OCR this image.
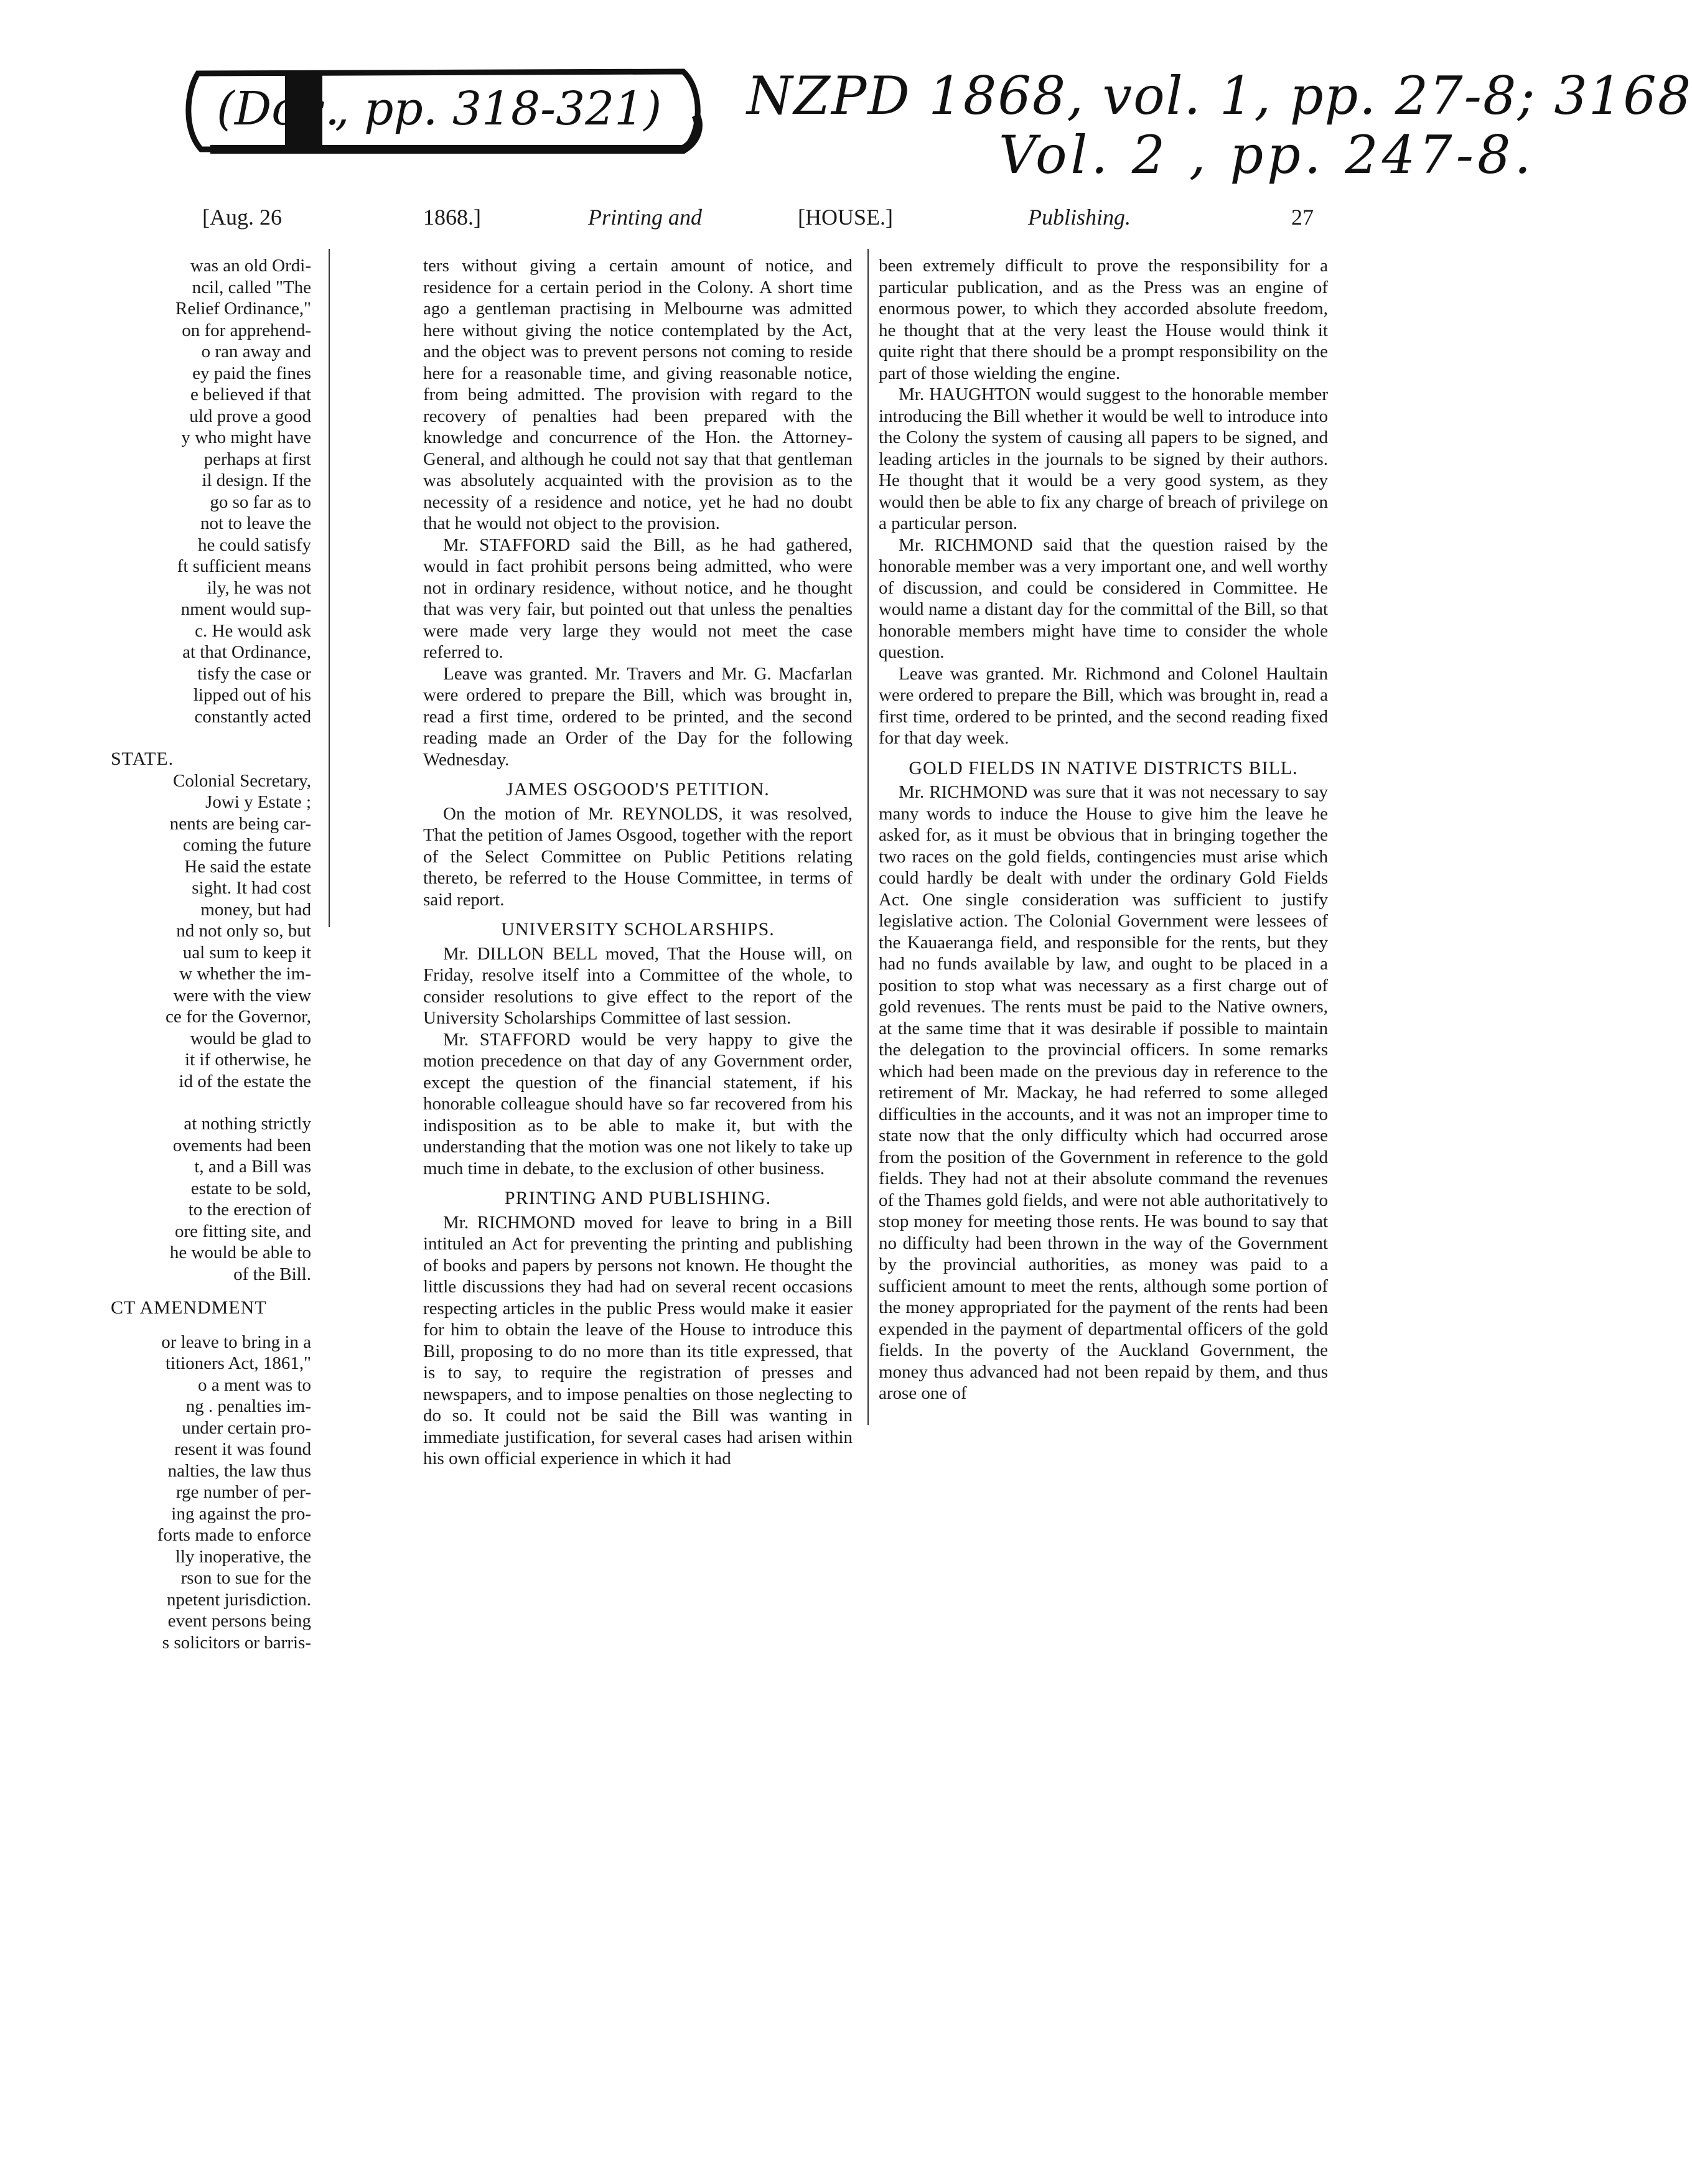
(Doc.
, pp. 318-321) NZPD 1868, vol. 1, pp. 27-8; 3168
Vol. 2 , pp. 247-8.
[Aug. 26	1868.]	Printing and	[HOUSE.]	Publishing.	27
was an old Ordi-
ncil, called "The
Relief Ordinance,"
on for apprehend-
o ran away and
ey paid the fines
e believed if that
uld prove a good
y who might have
perhaps at first
il design. If the
go so far as to
not to leave the
he could satisfy
ft sufficient means
ily, he was not
nment would sup-
c. He would ask
at that Ordinance,
tisfy the case or
lipped out of his
constantly acted
STATE.
Colonial Secretary,
Jowi y Estate ;
nents are being car-
coming the future
He said the estate
sight. It had cost
money, but had
nd not only so, but
ual sum to keep it
w whether the im-
were with the view
ce for the Governor,
would be glad to
it if otherwise, he
id of the estate the
at nothing strictly
ovements had been
t, and a Bill was
estate to be sold,
to the erection of
ore fitting site, and
he would be able to
of the Bill.
CT AMENDMENT
or leave to bring in a
titioners Act, 1861,"
o a ment was to
ng . penalties im-
under certain pro-
resent it was found
nalties, the law thus
rge number of per-
ing against the pro-
forts made to enforce
lly inoperative, the
rson to sue for the
npetent jurisdiction.
event persons being
s solicitors or barris-

ters without giving a certain amount of notice, and residence for a certain period in the Colony. A short time ago a gentleman practising in Melbourne was admitted here without giving the notice contemplated by the Act, and the object was to prevent persons not coming to reside here for a reasonable time, and giving reasonable notice, from being admitted. The provision with regard to the recovery of penalties had been prepared with the knowledge and concurrence of the Hon. the Attorney-General, and although he could not say that that gentleman was absolutely acquainted with the provision as to the necessity of a residence and notice, yet he had no doubt that he would not object to the provision.

Mr. STAFFORD said the Bill, as he had gathered, would in fact prohibit persons being admitted, who were not in ordinary residence, without notice, and he thought that was very fair, but pointed out that unless the penalties were made very large they would not meet the case referred to.

Leave was granted. Mr. Travers and Mr. G. Macfarlan were ordered to prepare the Bill, which was brought in, read a first time, ordered to be printed, and the second reading made an Order of the Day for the following Wednesday.

JAMES OSGOOD'S PETITION.

On the motion of Mr. REYNOLDS, it was resolved, That the petition of James Osgood, together with the report of the Select Committee on Public Petitions relating thereto, be referred to the House Committee, in terms of said report.

UNIVERSITY SCHOLARSHIPS.

Mr. DILLON BELL moved, That the House will, on Friday, resolve itself into a Committee of the whole, to consider resolutions to give effect to the report of the University Scholarships Committee of last session.

Mr. STAFFORD would be very happy to give the motion precedence on that day of any Government order, except the question of the financial statement, if his honorable colleague should have so far recovered from his indisposition as to be able to make it, but with the understanding that the motion was one not likely to take up much time in debate, to the exclusion of other business.

PRINTING AND PUBLISHING.

Mr. RICHMOND moved for leave to bring in a Bill intituled an Act for preventing the printing and publishing of books and papers by persons not known. He thought the little discussions they had had on several recent occasions respecting articles in the public Press would make it easier for him to obtain the leave of the House to introduce this Bill, proposing to do no more than its title expressed, that is to say, to require the registration of presses and newspapers, and to impose penalties on those neglecting to do so. It could not be said the Bill was wanting in immediate justification, for several cases had arisen within his own official experience in which it had

been extremely difficult to prove the responsibility for a particular publication, and as the Press was an engine of enormous power, to which they accorded absolute freedom, he thought that at the very least the House would think it quite right that there should be a prompt responsibility on the part of those wielding the engine.

Mr. HAUGHTON would suggest to the honorable member introducing the Bill whether it would be well to introduce into the Colony the system of causing all papers to be signed, and leading articles in the journals to be signed by their authors. He thought that it would be a very good system, as they would then be able to fix any charge of breach of privilege on a particular person.

Mr. RICHMOND said that the question raised by the honorable member was a very important one, and well worthy of discussion, and could be considered in Committee. He would name a distant day for the committal of the Bill, so that honorable members might have time to consider the whole question.

Leave was granted. Mr. Richmond and Colonel Haultain were ordered to prepare the Bill, which was brought in, read a first time, ordered to be printed, and the second reading fixed for that day week.

GOLD FIELDS IN NATIVE DISTRICTS BILL.

Mr. RICHMOND was sure that it was not necessary to say many words to induce the House to give him the leave he asked for, as it must be obvious that in bringing together the two races on the gold fields, contingencies must arise which could hardly be dealt with under the ordinary Gold Fields Act. One single consideration was sufficient to justify legislative action. The Colonial Government were lessees of the Kauaeranga field, and responsible for the rents, but they had no funds available by law, and ought to be placed in a position to stop what was necessary as a first charge out of gold revenues. The rents must be paid to the Native owners, at the same time that it was desirable if possible to maintain the delegation to the provincial officers. In some remarks which had been made on the previous day in reference to the retirement of Mr. Mackay, he had referred to some alleged difficulties in the accounts, and it was not an improper time to state now that the only difficulty which had occurred arose from the position of the Government in reference to the gold fields. They had not at their absolute command the revenues of the Thames gold fields, and were not able authoritatively to stop money for meeting those rents. He was bound to say that no difficulty had been thrown in the way of the Government by the provincial authorities, as money was paid to a sufficient amount to meet the rents, although some portion of the money appropriated for the payment of the rents had been expended in the payment of departmental officers of the gold fields. In the poverty of the Auckland Government, the money thus advanced had not been repaid by them, and thus arose one of
